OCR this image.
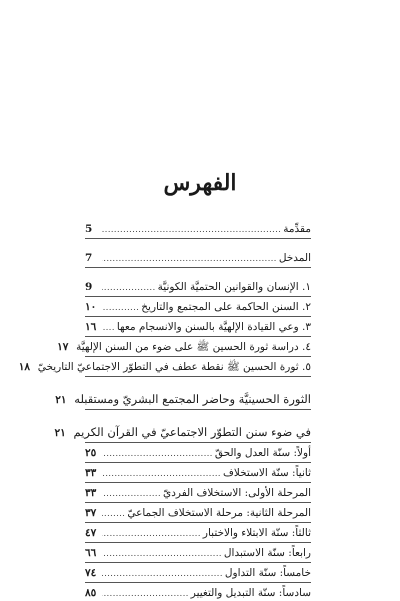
الفهرس
مقدِّمة
.....
5
المدخل
.....
7
١. الإنسان والقوانين الحتميَّة الكونيَّة
.....
9
٢. السنن الحاكمة على المجتمع والتاريخ
.....
١٠
٣. وعي القيادة الإلهيَّة بالسنن والانسجام معها
.....
١٦
٤. دراسة ثورة الحسين ﷺ على ضوء من السنن الإلهيَّة
١٧
٥. ثورة الحسين ﷺ نقطة عطف في التطوّر الاجتماعيّ التاريخيّ
١٨
الثورة الحسينيَّة وحاضر المجتمع البشريّ ومستقبله
٢١
في ضوء سنن التطوّر الاجتماعيّ في القرآن الكريم
٢١
أولاً: سنّة العدل والحقّ
.....
٢٥
ثانياً: سنّة الاستخلاف
.....
٣٣
المرحلة الأولى: الاستخلاف الفرديّ
.....
٣٣
المرحلة الثانية: مرحلة الاستخلاف الجماعيّ
.....
٣٧
ثالثاً: سنّة الابتلاء والاختبار
.....
٤٧
رابعاً: سنّة الاستبدال
.....
٦٦
خامساً: سنّة التداول
.....
٧٤
سادساً: سنّة التبديل والتغيير
.....
٨٥
